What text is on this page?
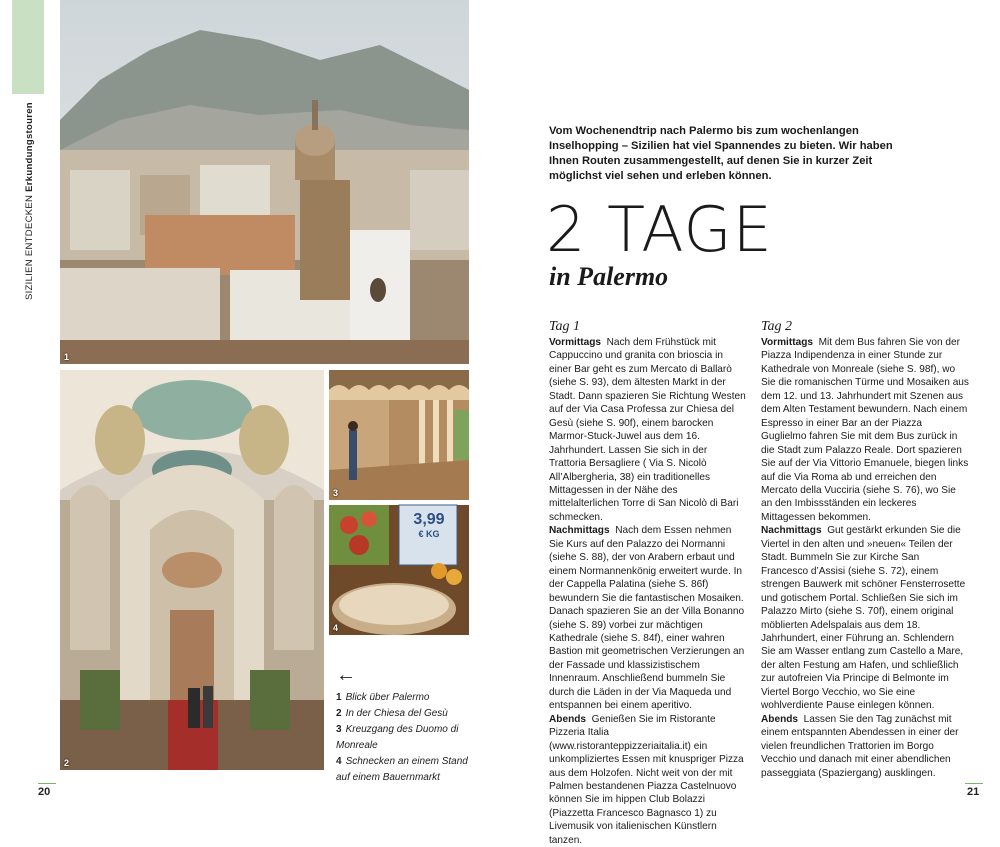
SIZILIEN ENTDECKEN Erkundungstouren
1
2
3
3,99
€ KG
4
←
1 Blick über Palermo
2 In der Chiesa del Gesù
3 Kreuzgang des Duomo di Monreale
4 Schnecken an einem Stand auf einem Bauernmarkt
20
Vom Wochenendtrip nach Palermo bis zum wochenlangen Inselhopping – Sizilien hat viel Spannendes zu bieten. Wir haben Ihnen Routen zusammengestellt, auf denen Sie in kurzer Zeit möglichst viel sehen und erleben können.
2 TAGE
in Palermo
Tag 1

Vormittags Nach dem Frühstück mit Cappuccino und granita con brioscia in einer Bar geht es zum Mercato di Ballarò (siehe S. 93), dem ältesten Markt in der Stadt. Dann spazieren Sie Richtung Westen auf der Via Casa Professa zur Chiesa del Gesù (siehe S. 90f), einem barocken Marmor-Stuck-Juwel aus dem 16. Jahrhundert. Lassen Sie sich in der Trattoria Bersagliere ( Via S. Nicolò All’Albergheria, 38) ein traditionelles Mittagessen in der Nähe des mittelalterlichen Torre di San Nicolò di Bari schmecken.

Nachmittags Nach dem Essen nehmen Sie Kurs auf den Palazzo dei Normanni (siehe S. 88), der von Arabern erbaut und einem Normannenkönig erweitert wurde. In der Cappella Palatina (siehe S. 86f) bewundern Sie die fantastischen Mosaiken. Danach spazieren Sie an der Villa Bonanno (siehe S. 89) vorbei zur mächtigen Kathedrale (siehe S. 84f), einer wahren Bastion mit geometrischen Verzierungen an der Fassade und klassizistischem Innenraum. Anschließend bummeln Sie durch die Läden in der Via Maqueda und entspannen bei einem aperitivo.

Abends Genießen Sie im Ristorante Pizzeria Italia (www.ristoranteppizzeriaitalia.it) ein unkompliziertes Essen mit knuspriger Pizza aus dem Holzofen. Nicht weit von der mit Palmen bestandenen Piazza Castelnuovo können Sie im hippen Club Bolazzi (Piazzetta Francesco Bagnasco 1) zu Livemusik von italienischen Künstlern tanzen.

Tag 2

Vormittags Mit dem Bus fahren Sie von der Piazza Indipendenza in einer Stunde zur Kathedrale von Monreale (siehe S. 98f), wo Sie die romanischen Türme und Mosaiken aus dem 12. und 13. Jahrhundert mit Szenen aus dem Alten Testament bewundern. Nach einem Espresso in einer Bar an der Piazza Guglielmo fahren Sie mit dem Bus zurück in die Stadt zum Palazzo Reale. Dort spazieren Sie auf der Via Vittorio Emanuele, biegen links auf die Via Roma ab und erreichen den Mercato della Vucciria (siehe S. 76), wo Sie an den Imbissständen ein leckeres Mittagessen bekommen.

Nachmittags Gut gestärkt erkunden Sie die Viertel in den alten und »neuen« Teilen der Stadt. Bummeln Sie zur Kirche San Francesco d’Assisi (siehe S. 72), einem strengen Bauwerk mit schöner Fensterrosette und gotischem Portal. Schließen Sie sich im Palazzo Mirto (siehe S. 70f), einem original möblierten Adelspalais aus dem 18. Jahrhundert, einer Führung an. Schlendern Sie am Wasser entlang zum Castello a Mare, der alten Festung am Hafen, und schließlich zur autofreien Via Principe di Belmonte im Viertel Borgo Vecchio, wo Sie eine wohlverdiente Pause einlegen können.

Abends Lassen Sie den Tag zunächst mit einem entspannten Abendessen in einer der vielen freundlichen Trattorien im Borgo Vecchio und danach mit einer abendlichen passeggiata (Spaziergang) ausklingen.

21
